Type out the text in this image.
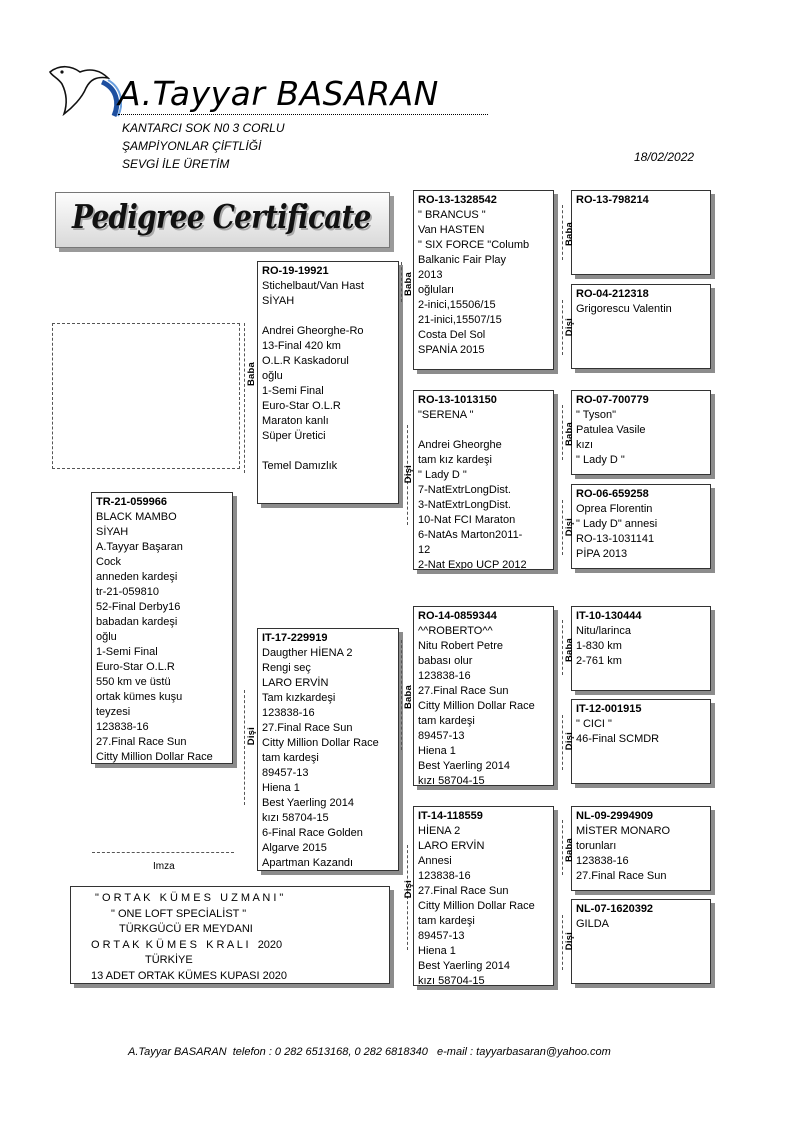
A.Tayyar BASARAN
KANTARCI SOK N0 3 CORLU
ŞAMPİYONLAR ÇİFTLİĞİ
SEVGİ İLE ÜRETİM	18/02/2022
Pedigree Certificate
TR-21-059966
BLACK MAMBO
SİYAH
A.Tayyar Başaran
Cock
anneden kardeşi
tr-21-059810
52-Final Derby16
babadan kardeşi
oğlu
1-Semi Final
Euro-Star O.L.R
550 km ve üstü
ortak kümes kuşu
teyzesi
123838-16
27.Final Race Sun
Citty Million Dollar Race
RO-19-19921
Stichelbaut/Van Hast
SİYAH
Andrei Gheorghe-Ro
13-Final 420 km
O.L.R Kaskadorul
oğlu
1-Semi Final
Euro-Star O.L.R
Maraton kanlı
Süper Üretici
Temel Damızlık
IT-17-229919
Daugther HİENA 2
Rengi seç
LARO ERVİN
Tam kızkardeşi
123838-16
27.Final Race Sun
Citty Million Dollar Race
tam kardeşi
89457-13
Hiena 1
Best Yaerling 2014
kızı 58704-15
6-Final Race Golden
Algarve 2015
Apartman Kazandı
RO-13-1328542
" BRANCUS "
Van HASTEN
" SIX FORCE "Columb
Balkanic Fair Play
2013
oğluları
2-inici,15506/15
21-inici,15507/15
Costa Del Sol
SPANİA 2015
RO-13-1013150
"SERENA "
Andrei Gheorghe
tam kız kardeşi
" Lady D "
7-NatExtrLongDist.
3-NatExtrLongDist.
10-Nat FCI Maraton
6-NatAs Marton2011-
12
2-Nat Expo UCP 2012
RO-14-0859344
^^ROBERTO^^
Nitu Robert Petre
babası olur
123838-16
27.Final Race Sun
Citty Million Dollar Race
tam kardeşi
89457-13
Hiena 1
Best Yaerling 2014
kızı 58704-15
IT-14-118559
HİENA 2
LARO ERVİN
Annesi
123838-16
27.Final Race Sun
Citty Million Dollar Race
tam kardeşi
89457-13
Hiena 1
Best Yaerling 2014
kızı 58704-15
RO-13-798214
RO-04-212318
Grigorescu Valentin
RO-07-700779
" Tyson"
Patulea Vasile
kızı
" Lady D "
RO-06-659258
Oprea Florentin
" Lady D" annesi
RO-13-1031141
PİPA 2013
IT-10-130444
Nitu/larinca
1-830 km
2-761 km
IT-12-001915
" CICI "
46-Final SCMDR
NL-09-2994909
MİSTER MONARO
torunları
123838-16
27.Final Race Sun
NL-07-1620392
GILDA
Baba
Dişi
Baba
Dişi
Baba
Dişi
Baba
Dişi
Baba
Dişi
Baba
Dişi
Baba
Dişi
Imza
" O R T A K   K Ü M E S   U Z M A N I "
" ONE LOFT SPECİALİST "
TÜRKGÜCÜ ER MEYDANI
O R T A K  K Ü M E S   K R A L I   2020
TÜRKİYE
13 ADET ORTAK KÜMES KUPASI 2020
A.Tayyar BASARAN  telefon : 0 282 6513168, 0 282 6818340   e-mail : tayyarbasaran@yahoo.com
